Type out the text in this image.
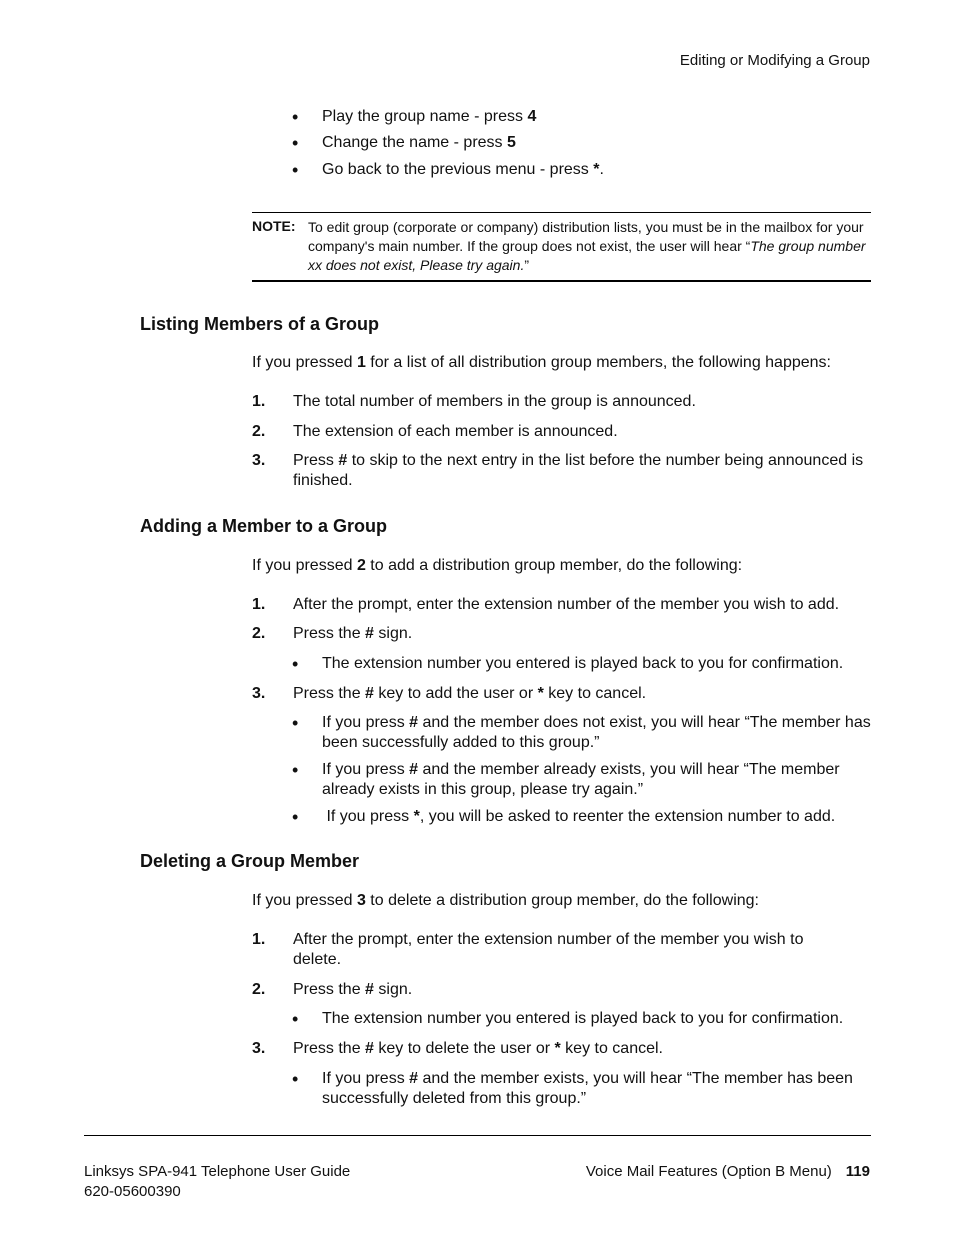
Editing or Modifying a Group
• Play the group name - press 4
• Change the name - press 5
• Go back to the previous menu - press *.
NOTE: To edit group (corporate or company) distribution lists, you must be in the mailbox for your company's main number. If the group does not exist, the user will hear “The group number xx does not exist, Please try again.”
Listing Members of a Group
If you pressed 1 for a list of all distribution group members, the following happens:
1. The total number of members in the group is announced.
2. The extension of each member is announced.
3. Press # to skip to the next entry in the list before the number being announced is finished.
Adding a Member to a Group
If you pressed 2 to add a distribution group member, do the following:
1. After the prompt, enter the extension number of the member you wish to add.
2. Press the # sign.
• The extension number you entered is played back to you for confirmation.
3. Press the # key to add the user or * key to cancel.
• If you press # and the member does not exist, you will hear “The member has been successfully added to this group.”
• If you press # and the member already exists, you will hear “The member already exists in this group, please try again.”
• If you press *, you will be asked to reenter the extension number to add.
Deleting a Group Member
If you pressed 3 to delete a distribution group member, do the following:
1. After the prompt, enter the extension number of the member you wish to delete.
2. Press the # sign.
• The extension number you entered is played back to you for confirmation.
3. Press the # key to delete the user or * key to cancel.
• If you press # and the member exists, you will hear “The member has been successfully deleted from this group.”
Linksys SPA-941 Telephone User Guide
620-05600390
Voice Mail Features (Option B Menu) 119
